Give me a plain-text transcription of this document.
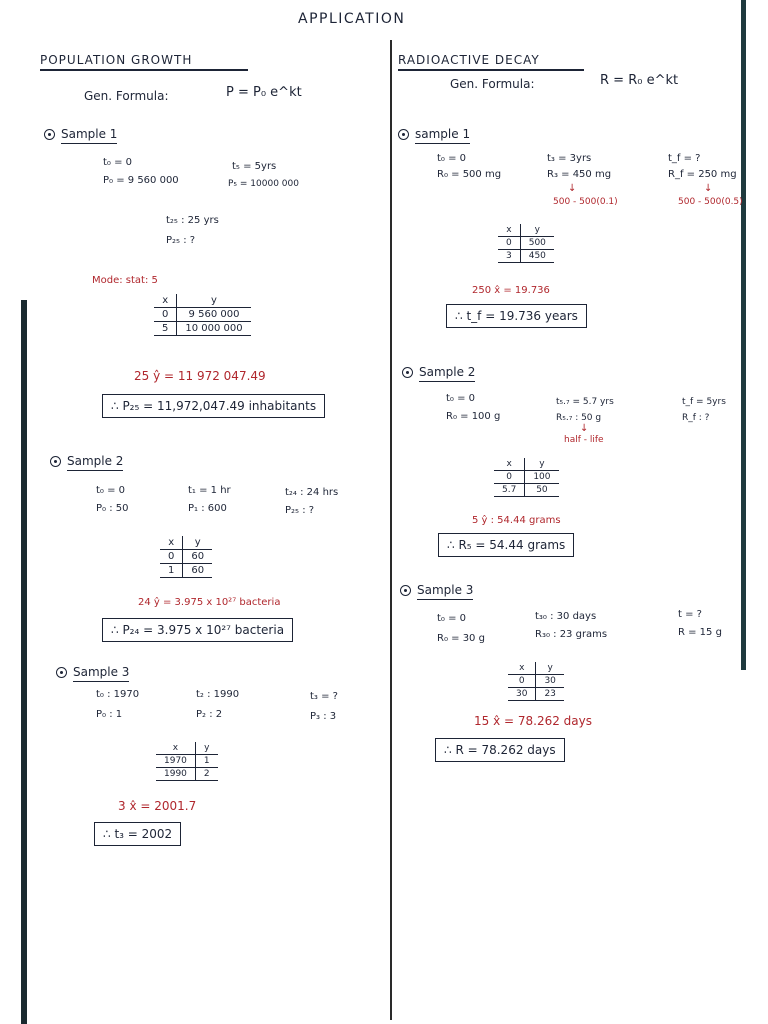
APPLICATION
POPULATION GROWTH
Gen. Formula:	P = P₀ e^kt
Sample 1
t₀ = 0
P₀ = 9 560 000
t₅ = 5yrs
P₅ = 10000 000
t₂₅ : 25 yrs
P₂₅ : ?
Mode: stat: 5
x	y
0	9 560 000
5	10 000 000
25 ŷ = 11 972 047.49
∴ P₂₅ = 11,972,047.49 inhabitants
Sample 2
t₀ = 0
P₀ : 50
t₁ = 1 hr
P₁ : 600
t₂₄ : 24 hrs
P₂₅ : ?
x	y
0	60
1	60
24 ŷ = 3.975 x 10²⁷ bacteria
∴ P₂₄ = 3.975 x 10²⁷ bacteria
Sample 3
t₀ : 1970
P₀ : 1
t₂ : 1990
P₂ : 2
t₃ = ?
P₃ : 3
x	y
1970	1
1990	2
3 x̂ = 2001.7
∴ t₃ = 2002
RADIOACTIVE DECAY
Gen. Formula:	R = R₀ e^kt
sample 1
t₀ = 0
R₀ = 500 mg
t₃ = 3yrs
R₃ = 450 mg
↓
500 - 500(0.1)
t_f = ?
R_f = 250 mg
↓
500 - 500(0.5)
x	y
0	500
3	450
250 x̂ = 19.736
∴ t_f = 19.736 years
Sample 2
t₀ = 0
R₀ = 100 g
t₅.₇ = 5.7 yrs
R₅.₇ : 50 g
↓
half - life
t_f = 5yrs
R_f : ?
x	y
0	100
5.7	50
5 ŷ : 54.44 grams
∴ R₅ = 54.44 grams
Sample 3
t₀ = 0
R₀ = 30 g
t₃₀ : 30 days
R₃₀ : 23 grams
t = ?
R = 15 g
x	y
0	30
30	23
15 x̂ = 78.262 days
∴ R = 78.262 days
